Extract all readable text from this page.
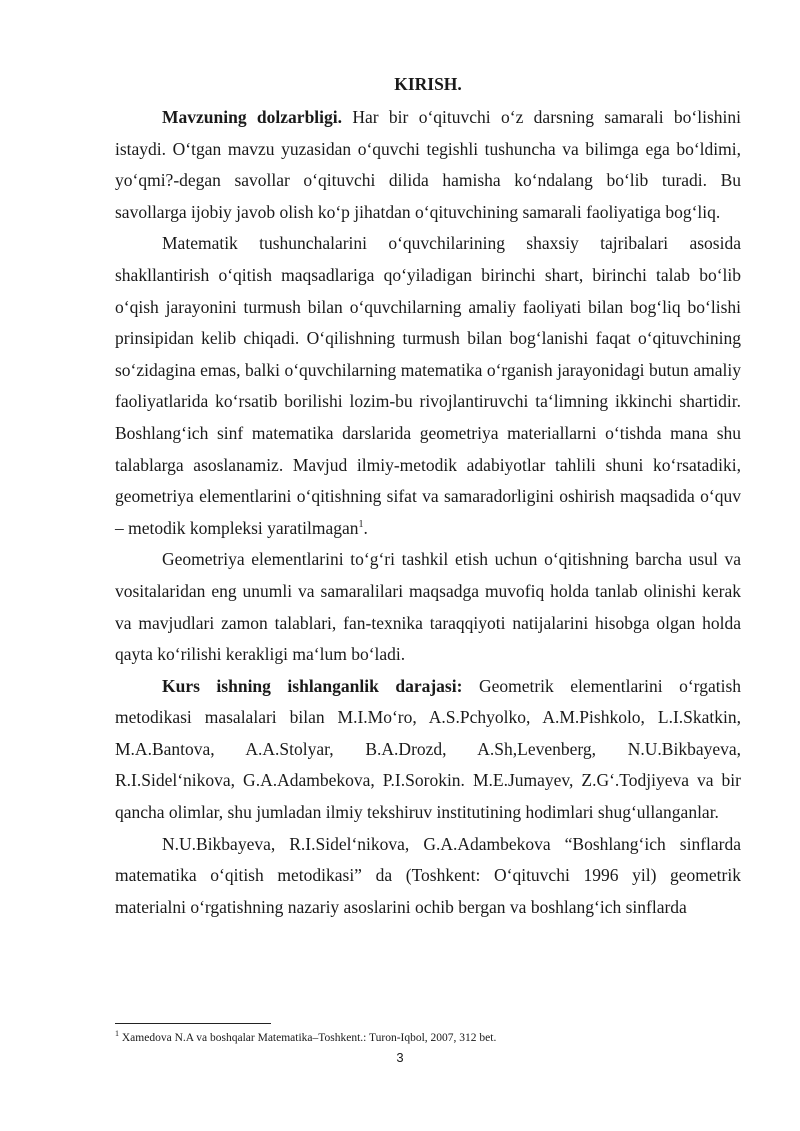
KIRISH.

Mavzuning dolzarbligi. Har bir o‘qituvchi o‘z darsning samarali bo‘lishini istaydi. O‘tgan mavzu yuzasidan o‘quvchi tegishli tushuncha va bilimga ega bo‘ldimi, yo‘qmi?-degan savollar o‘qituvchi dilida hamisha ko‘ndalang bo‘lib turadi. Bu savollarga ijobiy javob olish ko‘p jihatdan o‘qituvchining samarali faoliyatiga bog‘liq.

Matematik tushunchalarini o‘quvchilarining shaxsiy tajribalari asosida shakllantirish o‘qitish maqsadlariga qo‘yiladigan birinchi shart, birinchi talab bo‘lib o‘qish jarayonini turmush bilan o‘quvchilarning amaliy faoliyati bilan bog‘liq bo‘lishi prinsipidan kelib chiqadi. O‘qilishning turmush bilan bog‘lanishi faqat o‘qituvchining so‘zidagina emas, balki o‘quvchilarning matematika o‘rganish jarayonidagi butun amaliy faoliyatlarida ko‘rsatib borilishi lozim-bu rivojlantiruvchi ta‘limning ikkinchi shartidir. Boshlang‘ich sinf matematika darslarida geometriya materiallarni o‘tishda mana shu talablarga asoslanamiz. Mavjud ilmiy-metodik adabiyotlar tahlili shuni ko‘rsatadiki, geometriya elementlarini o‘qitishning sifat va samaradorligini oshirish maqsadida o‘quv – metodik kompleksi yaratilmagan$^1$.

Geometriya elementlarini to‘g‘ri tashkil etish uchun o‘qitishning barcha usul va vositalaridan eng unumli va samaralilari maqsadga muvofiq holda tanlab olinishi kerak va mavjudlari zamon talablari, fan-texnika taraqqiyoti natijalarini hisobga olgan holda qayta ko‘rilishi kerakligi ma‘lum bo‘ladi.

Kurs ishning ishlanganlik darajasi: Geometrik elementlarini o‘rgatish metodikasi masalalari bilan M.I.Mo‘ro, A.S.Pchyolko, A.M.Pishkolo, L.I.Skatkin, M.A.Bantova, A.A.Stolyar, B.A.Drozd, A.Sh,Levenberg, N.U.Bikbayeva, R.I.Sidel‘nikova, G.A.Adambekova, P.I.Sorokin. M.E.Jumayev, Z.G‘.Todjiyeva va bir qancha olimlar, shu jumladan ilmiy tekshiruv institutining hodimlari shug‘ullanganlar.

N.U.Bikbayeva, R.I.Sidel‘nikova, G.A.Adambekova “Boshlang‘ich sinflarda matematika o‘qitish metodikasi” da (Toshkent: O‘qituvchi 1996 yil) geometrik materialni o‘rgatishning nazariy asoslarini ochib bergan va boshlang‘ich sinflarda

$^1$ Xamedova N.A va boshqalar Matematika–Toshkent.: Turon-Iqbol, 2007, 312 bet.
3
